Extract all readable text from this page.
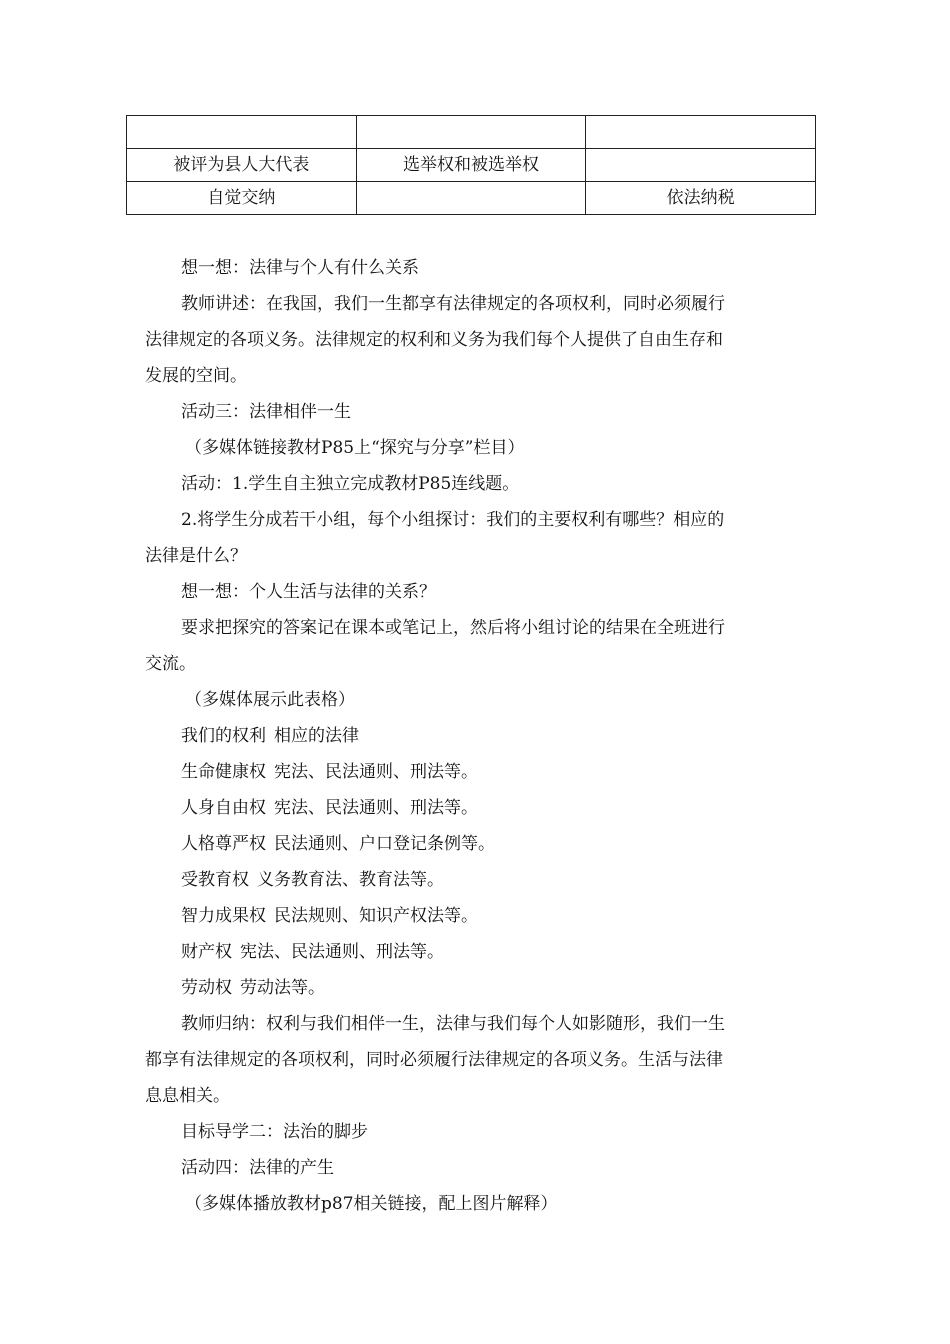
被评为县人大代表	选举权和被选举权	
自觉交纳		依法纳税
想一想：法律与个人有什么关系
教师讲述：在我国，我们一生都享有法律规定的各项权利，同时必须履行
法律规定的各项义务。法律规定的权利和义务为我们每个人提供了自由生存和
发展的空间。
活动三：法律相伴一生
（多媒体链接教材P85上“探究与分享”栏目）
活动：1.学生自主独立完成教材P85连线题。
2.将学生分成若干小组，每个小组探讨：我们的主要权利有哪些？相应的
法律是什么？
想一想：个人生活与法律的关系？
要求把探究的答案记在课本或笔记上，然后将小组讨论的结果在全班进行
交流。
（多媒体展示此表格）
我们的权利 相应的法律
生命健康权 宪法、民法通则、刑法等。
人身自由权 宪法、民法通则、刑法等。
人格尊严权 民法通则、户口登记条例等。
受教育权 义务教育法、教育法等。
智力成果权 民法规则、知识产权法等。
财产权 宪法、民法通则、刑法等。
劳动权 劳动法等。
教师归纳：权利与我们相伴一生，法律与我们每个人如影随形，我们一生
都享有法律规定的各项权利，同时必须履行法律规定的各项义务。生活与法律
息息相关。
目标导学二：法治的脚步
活动四：法律的产生
（多媒体播放教材p87相关链接，配上图片解释）
